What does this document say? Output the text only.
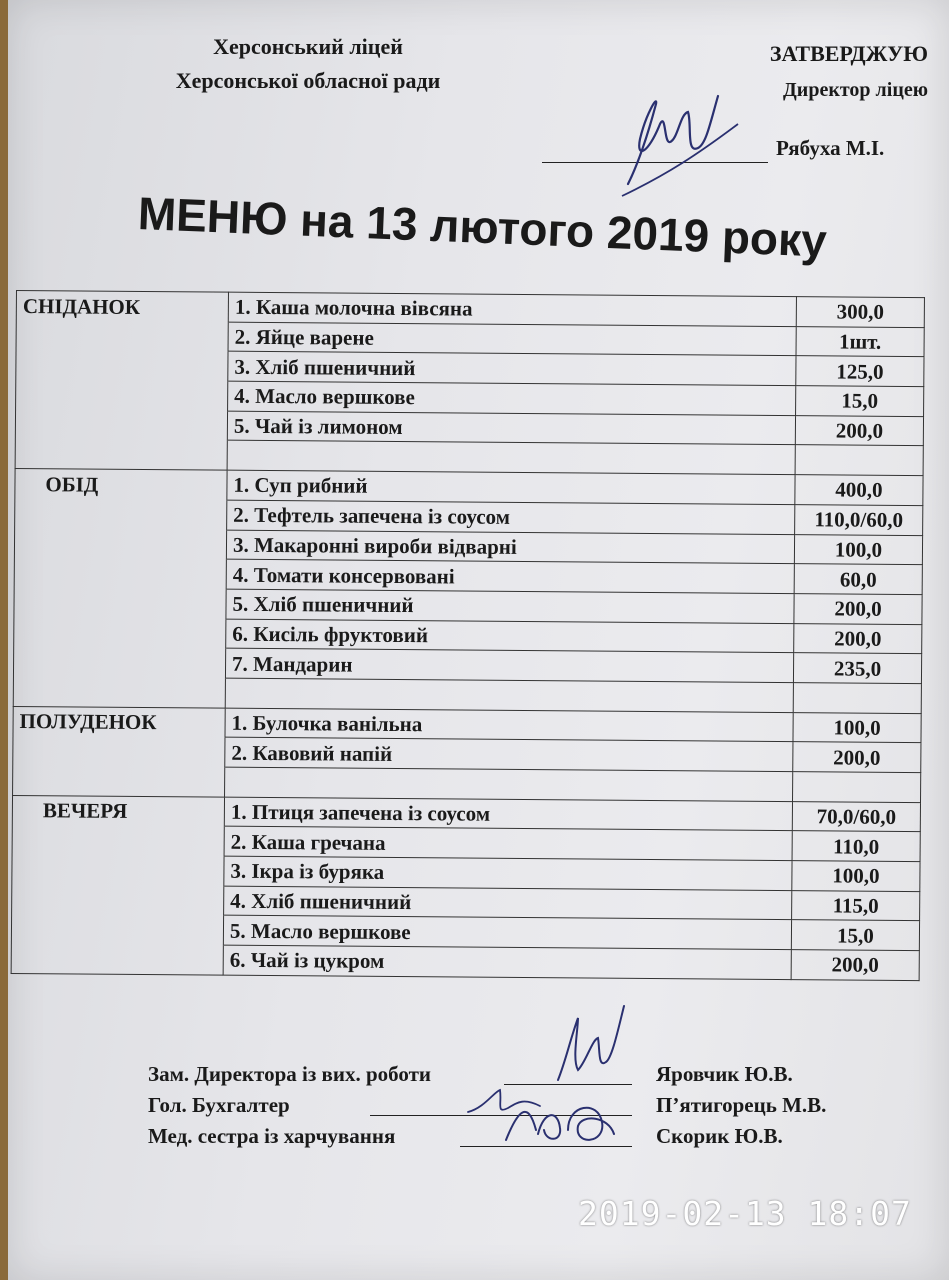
Херсонський ліцей
Херсонської обласної ради
ЗАТВЕРДЖУЮ
Директор ліцею
Рябуха М.І.
МЕНЮ на 13 лютого 2019 року
СНІДАНОК	1. Каша молочна вівсяна	300,0
	2. Яйце варене	1шт.
	3. Хліб пшеничний	125,0
	4. Масло вершкове	15,0
	5. Чай із лимоном	200,0

ОБІД	1. Суп рибний	400,0
	2. Тефтель запечена із соусом	110,0/60,0
	3. Макаронні вироби відварні	100,0
	4. Томати консервовані	60,0
	5. Хліб пшеничний	200,0
	6. Кисіль фруктовий	200,0
	7. Мандарин	235,0

ПОЛУДЕНОК	1. Булочка ванільна	100,0
	2. Кавовий напій	200,0

ВЕЧЕРЯ	1. Птиця запечена із соусом	70,0/60,0
	2. Каша гречана	110,0
	3. Ікра із буряка	100,0
	4. Хліб пшеничний	115,0
	5. Масло вершкове	15,0
	6. Чай із цукром	200,0
Зам. Директора із вих. роботи	Яровчик Ю.В.
Гол. Бухгалтер	П’ятигорець М.В.
Мед. сестра із харчування	Скорик Ю.В.
2019-02-13 18:07
